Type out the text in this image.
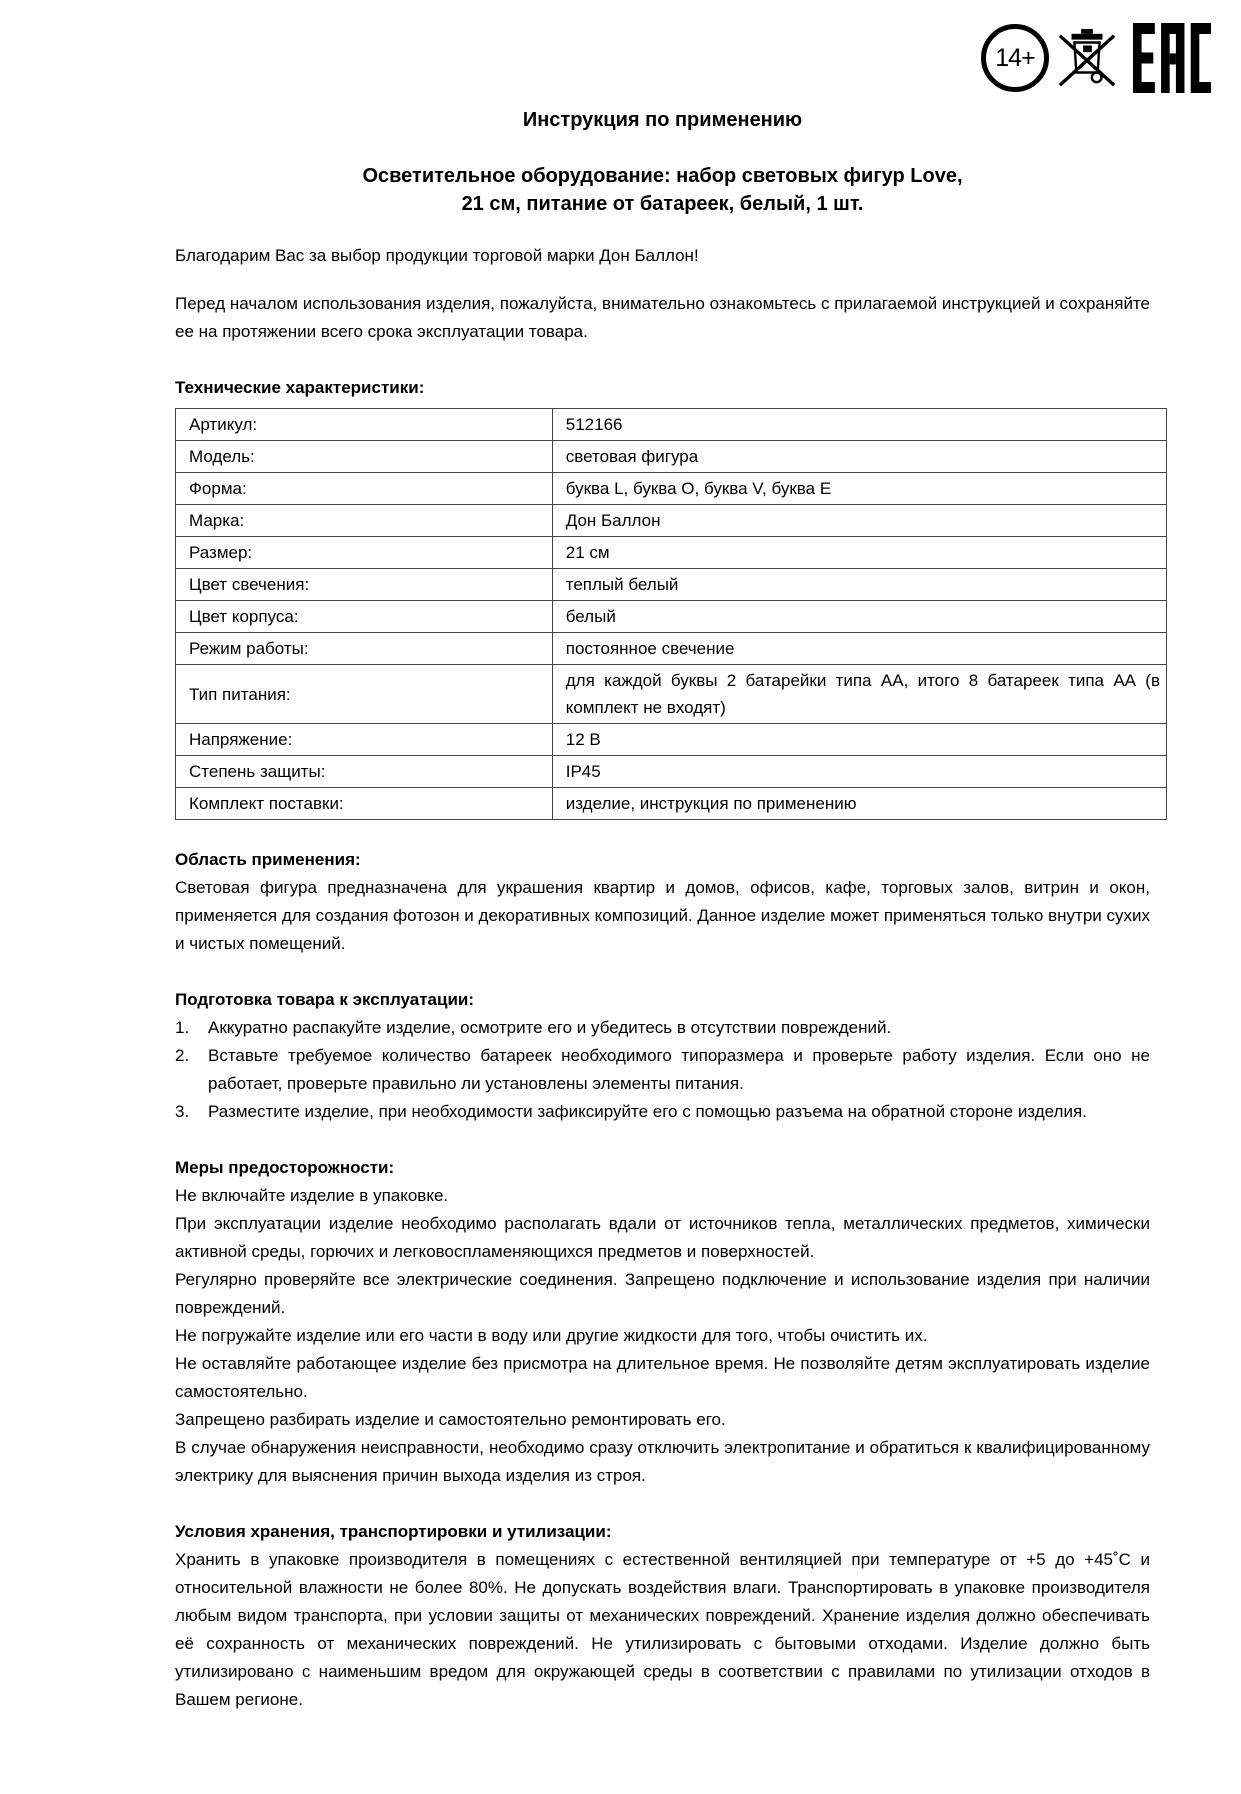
14+
Инструкция по применению
Осветительное оборудование: набор световых фигур Love,
21 см, питание от батареек, белый, 1 шт.

Благодарим Вас за выбор продукции торговой марки Дон Баллон!

Перед началом использования изделия, пожалуйста, внимательно ознакомьтесь с прилагаемой инструкцией и сохраняйте ее на протяжении всего срока эксплуатации товара.

Технические характеристики:
Артикул:	512166
Модель:	световая фигура
Форма:	буква L, буква O, буква V, буква E
Марка:	Дон Баллон
Размер:	21 см
Цвет свечения:	теплый белый
Цвет корпуса:	белый
Режим работы:	постоянное свечение
Тип питания:	для каждой буквы 2 батарейки типа АА, итого 8 батареек типа АА (в комплект не входят)
Напряжение:	12 В
Степень защиты:	IP45
Комплект поставки:	изделие, инструкция по применению
Область применения:

Световая фигура предназначена для украшения квартир и домов, офисов, кафе, торговых залов, витрин и окон, применяется для создания фотозон и декоративных композиций. Данное изделие может применяться только внутри сухих и чистых помещений.

Подготовка товара к эксплуатации:
1.	Аккуратно распакуйте изделие, осмотрите его и убедитесь в отсутствии повреждений.
2.	Вставьте требуемое количество батареек необходимого типоразмера и проверьте работу изделия. Если оно не работает, проверьте правильно ли установлены элементы питания.
3.	Разместите изделие, при необходимости зафиксируйте его с помощью разъема на обратной стороне изделия.
Меры предосторожности:

Не включайте изделие в упаковке.

При эксплуатации изделие необходимо располагать вдали от источников тепла, металлических предметов, химически активной среды, горючих и легковоспламеняющихся предметов и поверхностей.

Регулярно проверяйте все электрические соединения. Запрещено подключение и использование изделия при наличии повреждений.

Не погружайте изделие или его части в воду или другие жидкости для того, чтобы очистить их.

Не оставляйте работающее изделие без присмотра на длительное время. Не позволяйте детям эксплуатировать изделие самостоятельно.

Запрещено разбирать изделие и самостоятельно ремонтировать его.

В случае обнаружения неисправности, необходимо сразу отключить электропитание и обратиться к квалифицированному электрику для выяснения причин выхода изделия из строя.

Условия хранения, транспортировки и утилизации:

Хранить в упаковке производителя в помещениях с естественной вентиляцией при температуре от +5 до +45˚С и относительной влажности не более 80%. Не допускать воздействия влаги. Транспортировать в упаковке производителя любым видом транспорта, при условии защиты от механических повреждений. Хранение изделия должно обеспечивать её сохранность от механических повреждений. Не утилизировать с бытовыми отходами. Изделие должно быть утилизировано с наименьшим вредом для окружающей среды в соответствии с правилами по утилизации отходов в Вашем регионе.
